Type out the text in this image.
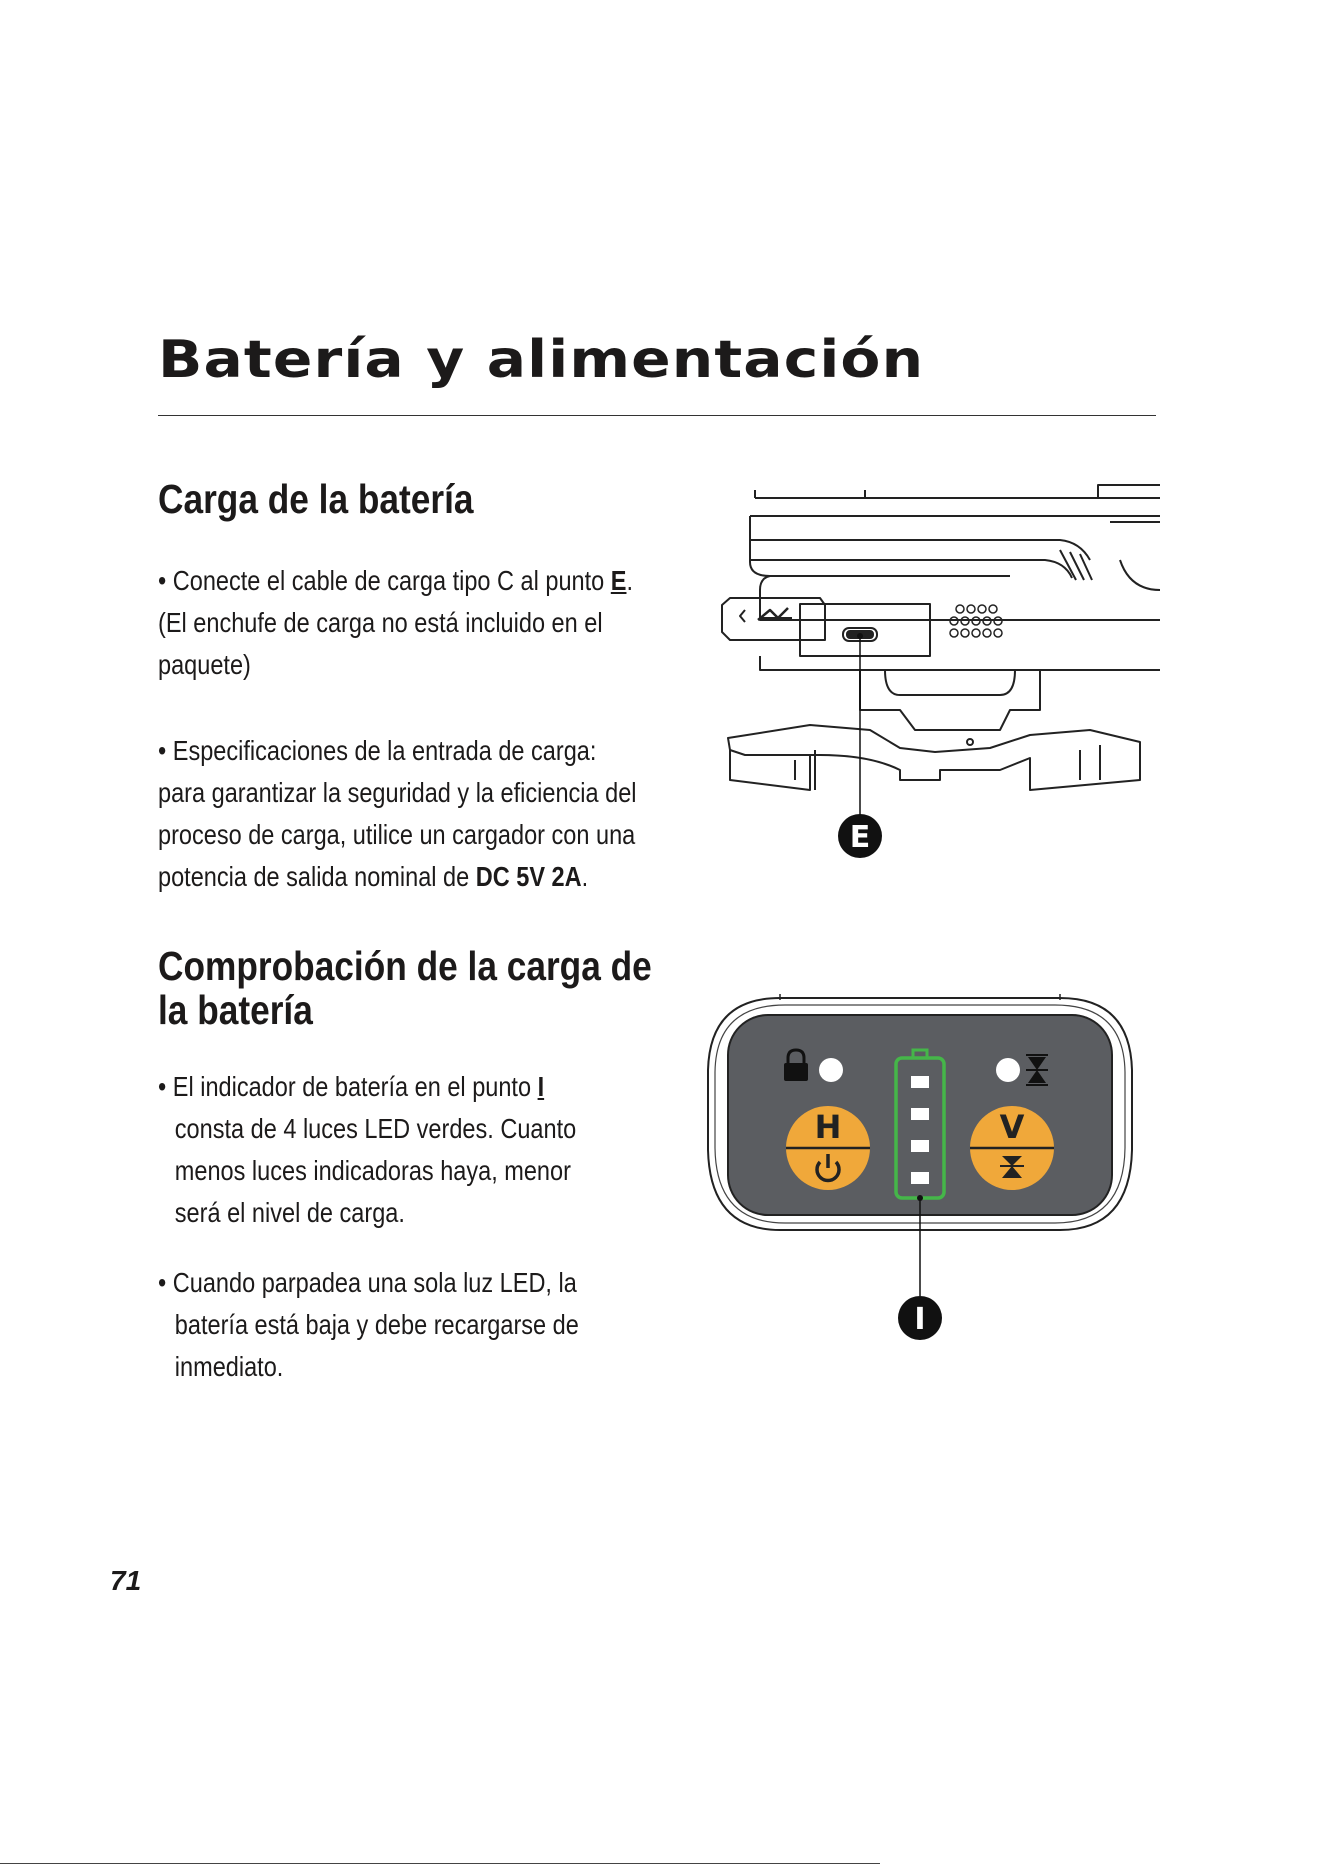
Batería y alimentación
Carga de la batería

• Conecte el cable de carga tipo C al punto E.
(El enchufe de carga no está incluido en el
paquete)

• Especificaciones de la entrada de carga:
para garantizar la seguridad y la eficiencia del
proceso de carga, utilice un cargador con una
potencia de salida nominal de DC 5V 2A.

Comprobación de la carga de
la batería

• El indicador de batería en el punto I
consta de 4 luces LED verdes. Cuanto
menos luces indicadoras haya, menor
será el nivel de carga.

• Cuando parpadea una sola luz LED, la
batería está baja y debe recargarse de
inmediato.

E
H	V
I

71
